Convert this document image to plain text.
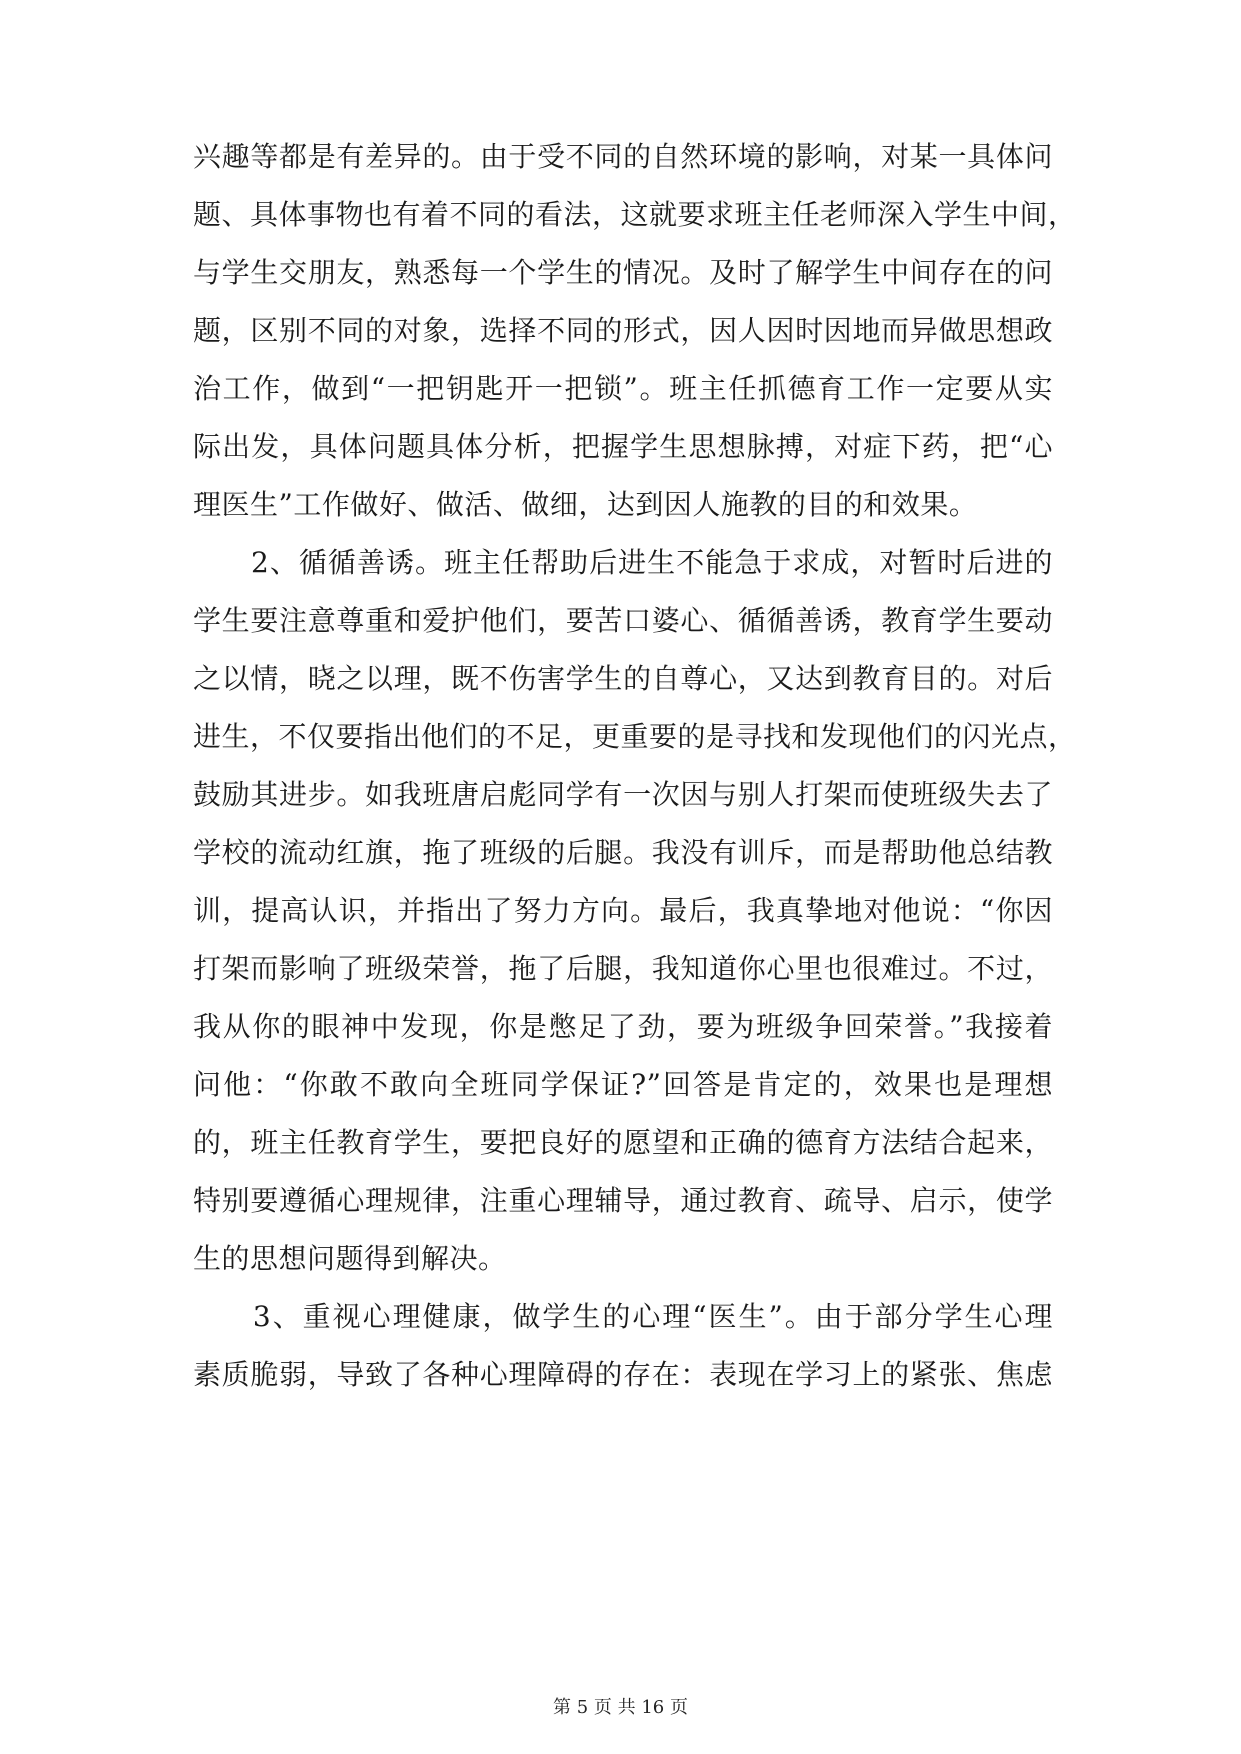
兴趣等都是有差异的。由于受不同的自然环境的影响，对某一具体问
题、具体事物也有着不同的看法，这就要求班主任老师深入学生中间，
与学生交朋友，熟悉每一个学生的情况。及时了解学生中间存在的问
题，区别不同的对象，选择不同的形式，因人因时因地而异做思想政
治工作，做到“一把钥匙开一把锁”。班主任抓德育工作一定要从实
际出发，具体问题具体分析，把握学生思想脉搏，对症下药，把“心
理医生”工作做好、做活、做细，达到因人施教的目的和效果。
　　2、循循善诱。班主任帮助后进生不能急于求成，对暂时后进的
学生要注意尊重和爱护他们，要苦口婆心、循循善诱，教育学生要动
之以情，晓之以理，既不伤害学生的自尊心，又达到教育目的。对后
进生，不仅要指出他们的不足，更重要的是寻找和发现他们的闪光点，
鼓励其进步。如我班唐启彪同学有一次因与别人打架而使班级失去了
学校的流动红旗，拖了班级的后腿。我没有训斥，而是帮助他总结教
训，提高认识，并指出了努力方向。最后，我真挚地对他说：“你因
打架而影响了班级荣誉，拖了后腿，我知道你心里也很难过。不过，
我从你的眼神中发现，你是憋足了劲，要为班级争回荣誉。”我接着
问他：“你敢不敢向全班同学保证?”回答是肯定的，效果也是理想
的，班主任教育学生，要把良好的愿望和正确的德育方法结合起来，
特别要遵循心理规律，注重心理辅导，通过教育、疏导、启示，使学
生的思想问题得到解决。
　　3、重视心理健康，做学生的心理“医生”。由于部分学生心理
素质脆弱，导致了各种心理障碍的存在：表现在学习上的紧张、焦虑
第 5 页 共 16 页
